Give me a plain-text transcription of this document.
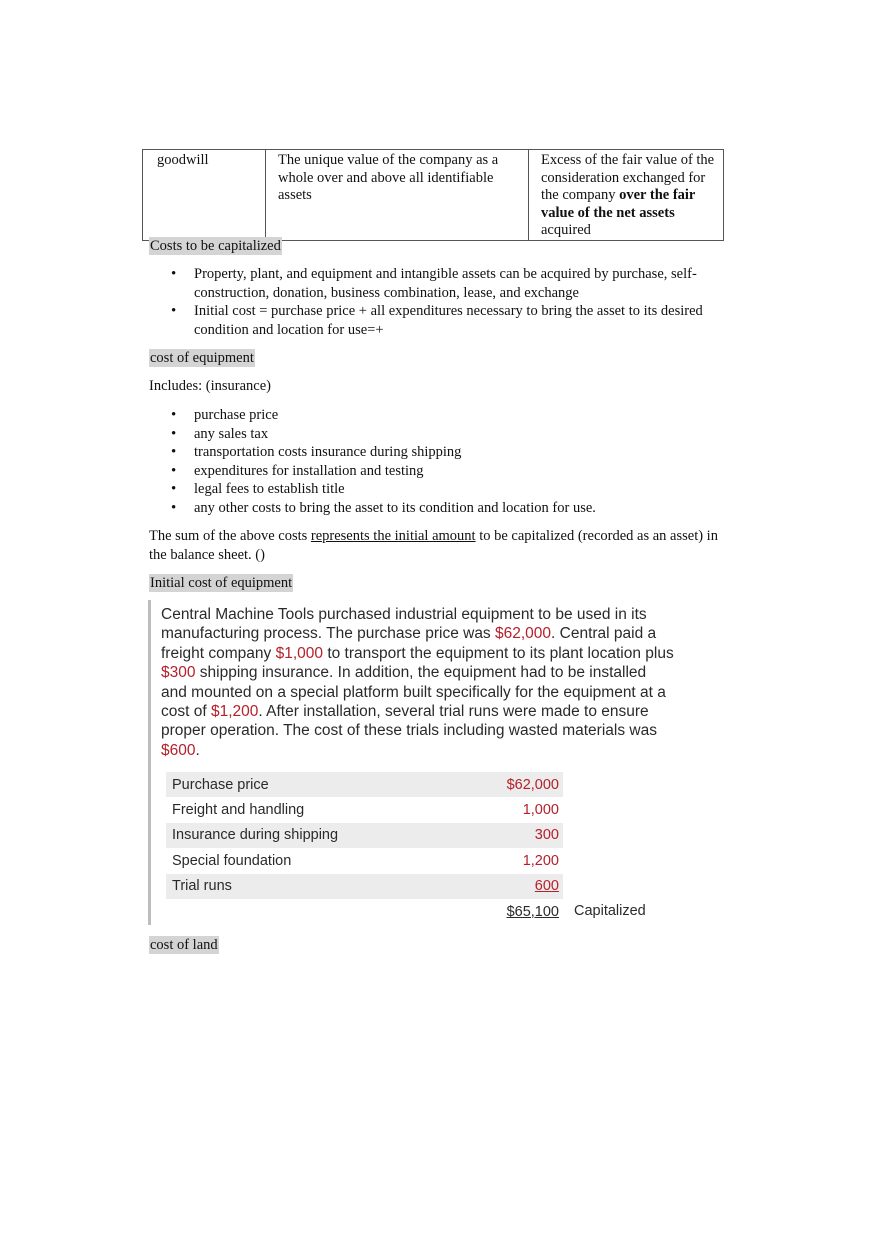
goodwill	The unique value of the company as a whole over and above all identifiable assets	Excess of the fair value of the consideration exchanged for the company over the fair value of the net assets acquired
Costs to be capitalized
• Property, plant, and equipment and intangible assets can be acquired by purchase, self-construction, donation, business combination, lease, and exchange
• Initial cost = purchase price + all expenditures necessary to bring the asset to its desired condition and location for use=+
cost of equipment
Includes: (insurance)
• purchase price
• any sales tax
• transportation costs insurance during shipping
• expenditures for installation and testing
• legal fees to establish title
• any other costs to bring the asset to its condition and location for use.
The sum of the above costs represents the initial amount to be capitalized (recorded as an asset) in the balance sheet. ()
Initial cost of equipment
Central Machine Tools purchased industrial equipment to be used in its manufacturing process. The purchase price was $62,000. Central paid a freight company $1,000 to transport the equipment to its plant location plus $300 shipping insurance. In addition, the equipment had to be installed and mounted on a special platform built specifically for the equipment at a cost of $1,200. After installation, several trial runs were made to ensure proper operation. The cost of these trials including wasted materials was $600.
Purchase price	$62,000
Freight and handling	1,000
Insurance during shipping	300
Special foundation	1,200
Trial runs	600
	$65,100 Capitalized
cost of land
